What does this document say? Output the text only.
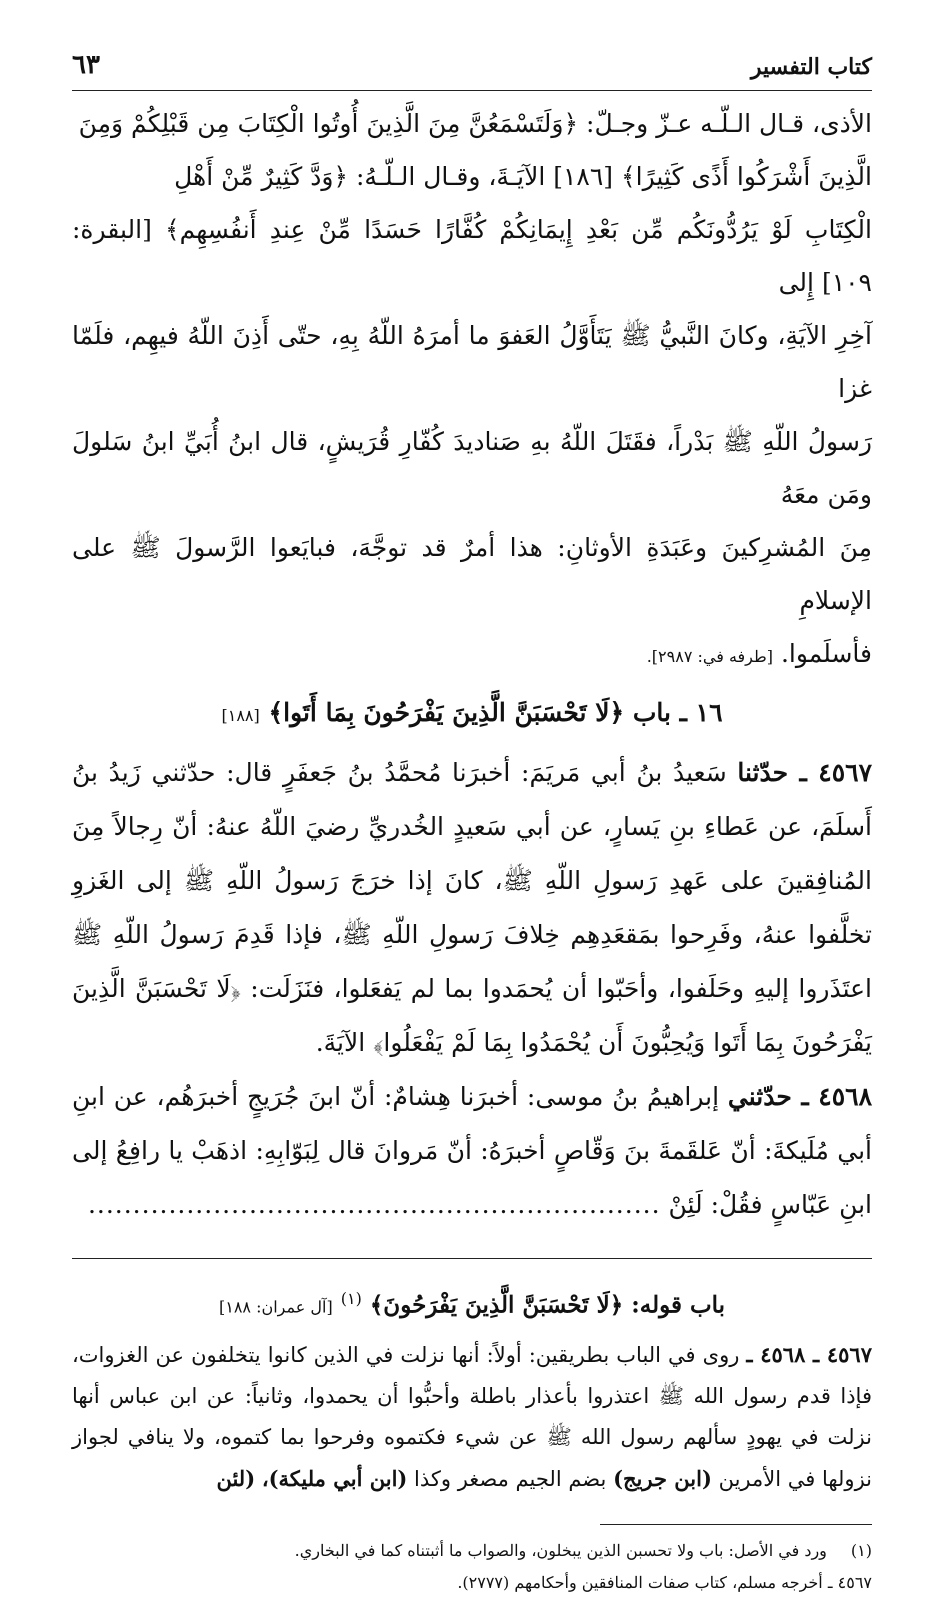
كتاب التفسير
٦٣

الأذى، قـال الـلّـه عـزّ وجـلّ: ﴿وَلَتَسْمَعُنَّ مِنَ الَّذِينَ أُوتُوا الْكِتَابَ مِن قَبْلِكُمْ وَمِنَ

الَّذِينَ أَشْرَكُوا أَذًى كَثِيرًا﴾ [١٨٦] الآيَـةَ، وقـال الـلّـهُ: ﴿وَدَّ كَثِيرٌ مِّنْ أَهْلِ

الْكِتَابِ لَوْ يَرُدُّونَكُم مِّن بَعْدِ إِيمَانِكُمْ كُفَّارًا حَسَدًا مِّنْ عِندِ أَنفُسِهِم﴾ [البقرة: ١٠٩] إِلى

آخِرِ الآيَةِ، وكانَ النَّبيُّ ﷺ يَتَأَوَّلُ العَفوَ ما أمرَهُ اللّهُ بِهِ، حتّى أَذِنَ اللّهُ فيهِم، فلَمّا غزا

رَسولُ اللّهِ ﷺ بَدْراً، فقَتَلَ اللّهُ بهِ صَناديدَ كُفّارِ قُرَيشٍ، قال ابنُ أُبَيِّ ابنُ سَلولَ ومَن معَهُ

مِنَ المُشرِكينَ وعَبَدَةِ الأوثانِ: هذا أمرٌ قد توجَّهَ، فبايَعوا الرَّسولَ ﷺ على الإسلامِ

فأسلَموا. [طرفه في: ٢٩٨٧].

١٦ ـ باب ﴿لَا تَحْسَبَنَّ الَّذِينَ يَفْرَحُونَ بِمَا أَتَوا﴾ [١٨٨]

٤٥٦٧ ـ حدّثنا سَعيدُ بنُ أبي مَريَمَ: أخبرَنا مُحمَّدُ بنُ جَعفَرٍ قال: حدّثني زَيدُ بنُ أَسلَمَ، عن عَطاءِ بنِ يَسارٍ، عن أبي سَعيدٍ الخُدريِّ رضيَ اللّهُ عنهُ: أنّ رِجالاً مِنَ المُنافِقينَ على عَهدِ رَسولِ اللّهِ ﷺ، كانَ إذا خرَجَ رَسولُ اللّهِ ﷺ إلى الغَزوِ تخلَّفوا عنهُ، وفَرِحوا بمَقعَدِهِم خِلافَ رَسولِ اللّهِ ﷺ، فإذا قَدِمَ رَسولُ اللّهِ ﷺ اعتَذَروا إليهِ وحَلَفوا، وأحَبّوا أن يُحمَدوا بما لم يَفعَلوا، فنَزَلَت: ﴿لَا تَحْسَبَنَّ الَّذِينَ يَفْرَحُونَ بِمَا أَتَوا وَيُحِبُّونَ أَن يُحْمَدُوا بِمَا لَمْ يَفْعَلُوا﴾ الآيَةَ.

٤٥٦٨ ـ حدّثني إبراهيمُ بنُ موسى: أخبرَنا هِشامٌ: أنّ ابنَ جُرَيجٍ أخبرَهُم، عن ابنِ أبي مُلَيكةَ: أنّ عَلقَمةَ بنَ وَقّاصٍ أخبرَهُ: أنّ مَروانَ قال لِبَوّابِهِ: اذهَبْ يا رافِعُ إلى ابنِ عَبّاسٍ فقُلْ: لَئِنْ ................................................................

باب قوله: ﴿لَا تَحْسَبَنَّ الَّذِينَ يَفْرَحُونَ﴾ $^{(١)}$ [آل عمران: ١٨٨]

٤٥٦٧ ـ ٤٥٦٨ ـ روى في الباب بطريقين: أولاً: أنها نزلت في الذين كانوا يتخلفون عن الغزوات، فإذا قدم رسول الله ﷺ اعتذروا بأعذار باطلة وأحبُّوا أن يحمدوا، وثانياً: عن ابن عباس أنها نزلت في يهودٍ سألهم رسول الله ﷺ عن شيء فكتموه وفرحوا بما كتموه، ولا ينافي لجواز نزولها في الأمرين (ابن جريج) بضم الجيم مصغر وكذا (ابن أبي مليكة)، (لئن

(١) ورد في الأصل: باب ولا تحسبن الذين يبخلون، والصواب ما أثبتناه كما في البخاري.

٤٥٦٧ ـ أخرجه مسلم، كتاب صفات المنافقين وأحكامهم (٢٧٧٧).
